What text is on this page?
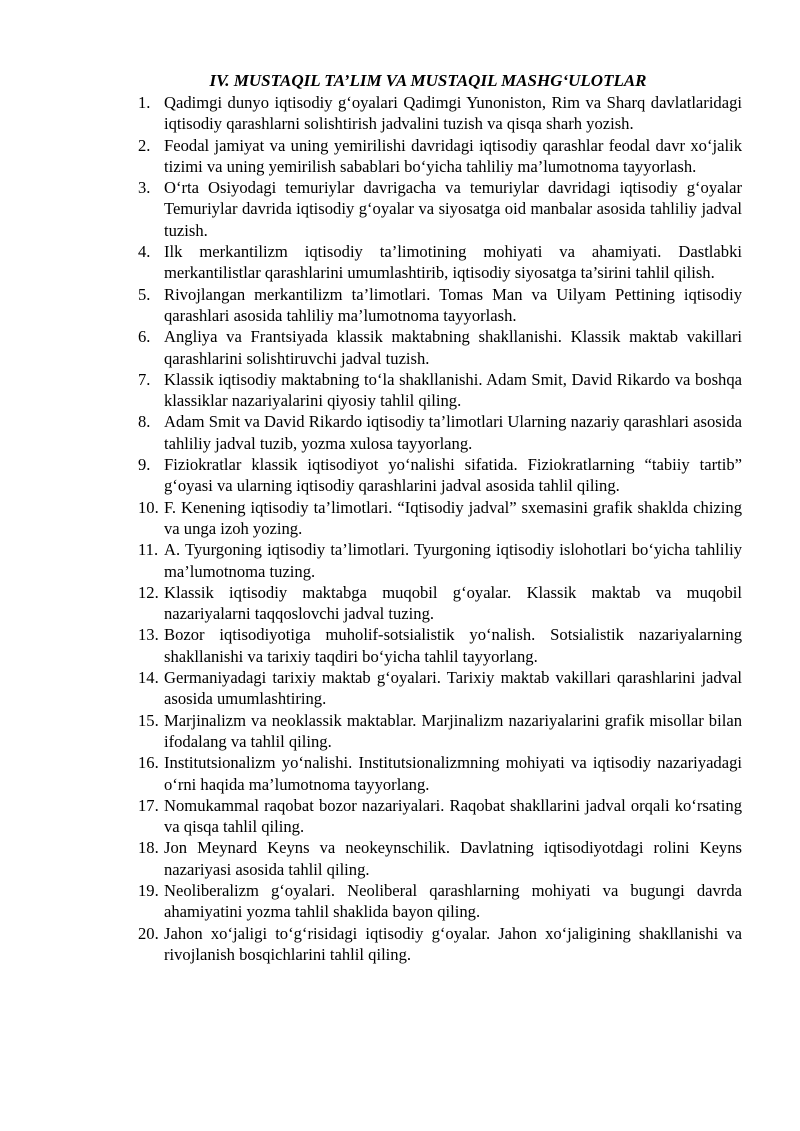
IV. MUSTAQIL TA’LIM VA MUSTAQIL MASHG‘ULOTLAR
1. Qadimgi dunyo iqtisodiy g‘oyalari Qadimgi Yunoniston, Rim va Sharq davlatlaridagi iqtisodiy qarashlarni solishtirish jadvalini tuzish va qisqa sharh yozish.
2. Feodal jamiyat va uning yemirilishi davridagi iqtisodiy qarashlar feodal davr xo‘jalik tizimi va uning yemirilish sabablari bo‘yicha tahliliy ma’lumotnoma tayyorlash.
3. O‘rta Osiyodagi temuriylar davrigacha va temuriylar davridagi iqtisodiy g‘oyalar Temuriylar davrida iqtisodiy g‘oyalar va siyosatga oid manbalar asosida tahliliy jadval tuzish.
4. Ilk merkantilizm iqtisodiy ta’limotining mohiyati va ahamiyati. Dastlabki merkantilistlar qarashlarini umumlashtirib, iqtisodiy siyosatga ta’sirini tahlil qilish.
5. Rivojlangan merkantilizm ta’limotlari. Tomas Man va Uilyam Pettining iqtisodiy qarashlari asosida tahliliy ma’lumotnoma tayyorlash.
6. Angliya va Frantsiyada klassik maktabning shakllanishi. Klassik maktab vakillari qarashlarini solishtiruvchi jadval tuzish.
7. Klassik iqtisodiy maktabning to‘la shakllanishi. Adam Smit, David Rikardo va boshqa klassiklar nazariyalarini qiyosiy tahlil qiling.
8. Adam Smit va David Rikardo iqtisodiy ta’limotlari Ularning nazariy qarashlari asosida tahliliy jadval tuzib, yozma xulosa tayyorlang.
9. Fiziokratlar klassik iqtisodiyot yo‘nalishi sifatida. Fiziokratlarning “tabiiy tartib” g‘oyasi va ularning iqtisodiy qarashlarini jadval asosida tahlil qiling.
10. F. Kenening iqtisodiy ta’limotlari. “Iqtisodiy jadval” sxemasini grafik shaklda chizing va unga izoh yozing.
11. A. Tyurgoning iqtisodiy ta’limotlari. Tyurgoning iqtisodiy islohotlari bo‘yicha tahliliy ma’lumotnoma tuzing.
12. Klassik iqtisodiy maktabga muqobil g‘oyalar. Klassik maktab va muqobil nazariyalarni taqqoslovchi jadval tuzing.
13. Bozor iqtisodiyotiga muholif-sotsialistik yo‘nalish. Sotsialistik nazariyalarning shakllanishi va tarixiy taqdiri bo‘yicha tahlil tayyorlang.
14. Germaniyadagi tarixiy maktab g‘oyalari. Tarixiy maktab vakillari qarashlarini jadval asosida umumlashtiring.
15. Marjinalizm va neoklassik maktablar. Marjinalizm nazariyalarini grafik misollar bilan ifodalang va tahlil qiling.
16. Institutsionalizm yo‘nalishi. Institutsionalizmning mohiyati va iqtisodiy nazariyadagi o‘rni haqida ma’lumotnoma tayyorlang.
17. Nomukammal raqobat bozor nazariyalari. Raqobat shakllarini jadval orqali ko‘rsating va qisqa tahlil qiling.
18. Jon Meynard Keyns va neokeynschilik. Davlatning iqtisodiyotdagi rolini Keyns nazariyasi asosida tahlil qiling.
19. Neoliberalizm g‘oyalari. Neoliberal qarashlarning mohiyati va bugungi davrda ahamiyatini yozma tahlil shaklida bayon qiling.
20. Jahon xo‘jaligi to‘g‘risidagi iqtisodiy g‘oyalar. Jahon xo‘jaligining shakllanishi va rivojlanish bosqichlarini tahlil qiling.
